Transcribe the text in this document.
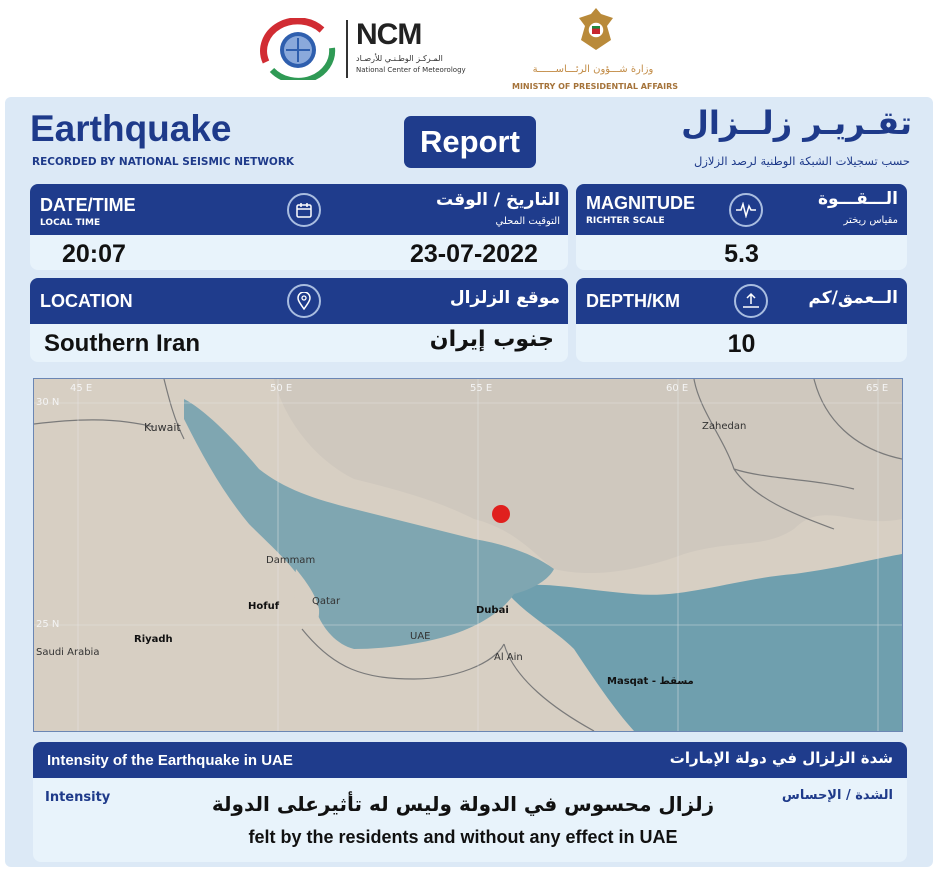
NCM
المـركـز الوطـنـي للأرصـاد
National Center of Meteorology	وزارة شـــؤون الرئـــاســــــة
MINISTRY OF PRESIDENTIAL AFFAIRS
Earthquake
RECORDED BY NATIONAL SEISMIC NETWORK
Report	تقـريـر زلــزال
حسب تسجيلات الشبكة الوطنية لرصد الزلازل
DATE/TIME
LOCAL TIME
التاريخ / الوقت
التوقيت المحلي
20:07	23-07-2022
MAGNITUDE
RICHTER SCALE
الـــقـــوة
مقياس ريختر
5.3
LOCATION	موقع الزلزال
Southern Iran	جنوب إيران
DEPTH/KM	الــعمق/كم
10
45 E	50 E	55 E	60 E	65 E
30 N
25 N
Kuwait	Zahedan
Dammam
Hofuf	Qatar
Dubai
UAE
Riyadh
Saudi Arabia	Al Ain
Masqat - مسقط
Intensity of the Earthquake in UAE	شدة الزلزال في دولة الإمارات
Intensity	الشدة / الإحساس
زلزال محسوس في الدولة وليس له تأثيرعلى الدولة
felt by the residents and without any effect in UAE
